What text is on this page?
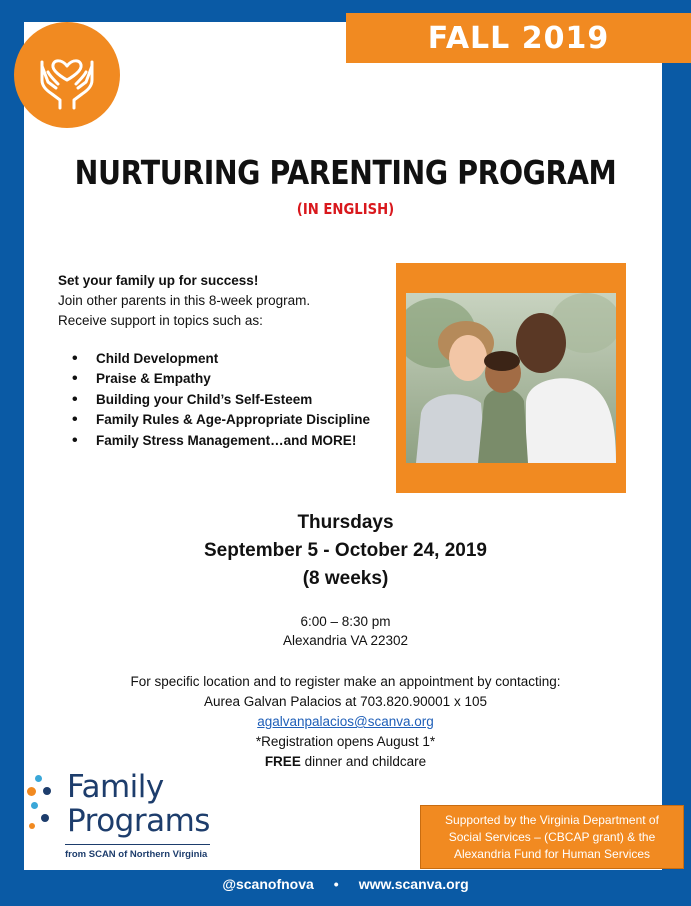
FALL 2019
NURTURING PARENTING PROGRAM
(IN ENGLISH)
Set your family up for success!
Join other parents in this 8-week program.
Receive support in topics such as:
• Child Development
• Praise & Empathy
• Building your Child’s Self-Esteem
• Family Rules & Age-Appropriate Discipline
• Family Stress Management…and MORE!
Thursdays
September 5 - October 24, 2019
(8 weeks)
6:00 – 8:30 pm
Alexandria VA 22302
For specific location and to register make an appointment by contacting:
Aurea Galvan Palacios at 703.820.90001 x 105
agalvanpalacios@scanva.org
*Registration opens August 1*
FREE dinner and childcare
Family
Programs
from SCAN of Northern Virginia
Supported by the Virginia Department of Social Services – (CBCAP grant) & the Alexandria Fund for Human Services
@scanofnova • www.scanva.org
